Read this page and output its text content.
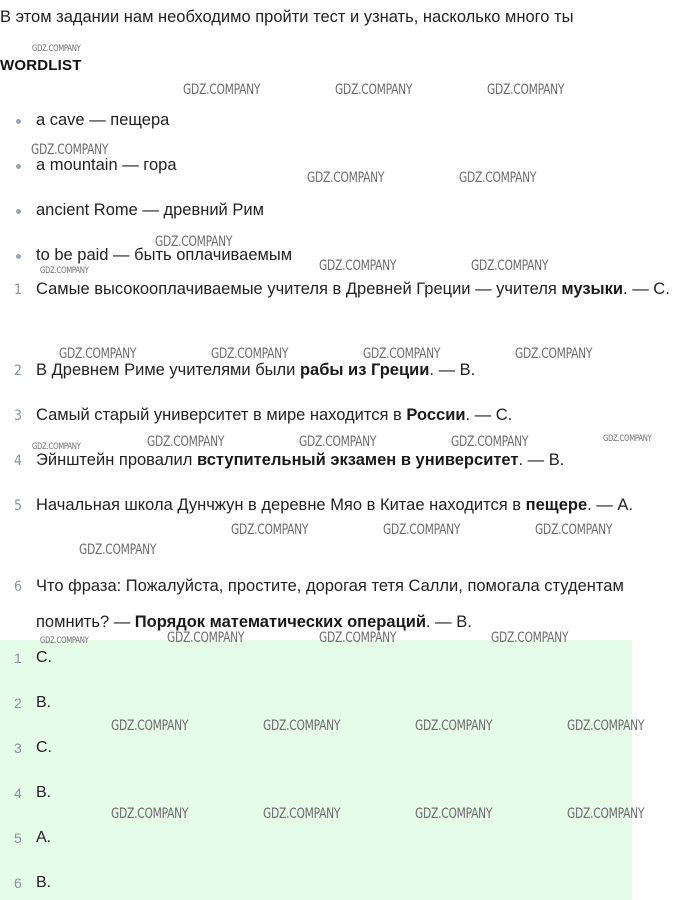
В этом задании нам необходимо пройти тест и узнать, насколько много ты
WORDLIST
a cave — пещера
a mountain — гора
ancient Rome — древний Рим
to be paid — быть оплачиваемым
1 Самые высокооплачиваемые учителя в Древней Греции — учителя музыки. — C.
2 В Древнем Риме учителями были рабы из Греции. — B.
3 Самый старый университет в мире находится в России. — C.
4 Эйнштейн провалил вступительный экзамен в университет. — B.
5 Начальная школа Дунчжун в деревне Мяо в Китае находится в пещере. — A.
6 Что фраза: Пожалуйста, простите, дорогая тетя Салли, помогала студентам помнить? — Порядок математических операций. — B.
1 C.
2 B.
3 C.
4 B.
5 A.
6 B.
GDZ.COMPANY
GDZ.COMPANY	GDZ.COMPANY	GDZ.COMPANY
GDZ.COMPANY
GDZ.COMPANY	GDZ.COMPANY
GDZ.COMPANY
GDZ.COMPANY	GDZ.COMPANY
GDZ.COMPANY
GDZ.COMPANY	GDZ.COMPANY	GDZ.COMPANY	GDZ.COMPANY
GDZ.COMPANY	GDZ.COMPANY	GDZ.COMPANY
GDZ.COMPANY
GDZ.COMPANY
GDZ.COMPANY	GDZ.COMPANY	GDZ.COMPANY
GDZ.COMPANY
GDZ.COMPANY	GDZ.COMPANY	GDZ.COMPANY	GDZ.COMPANY
GDZ.COMPANY	GDZ.COMPANY	GDZ.COMPANY	GDZ.COMPANY
GDZ.COMPANY	GDZ.COMPANY	GDZ.COMPANY	GDZ.COMPANY
